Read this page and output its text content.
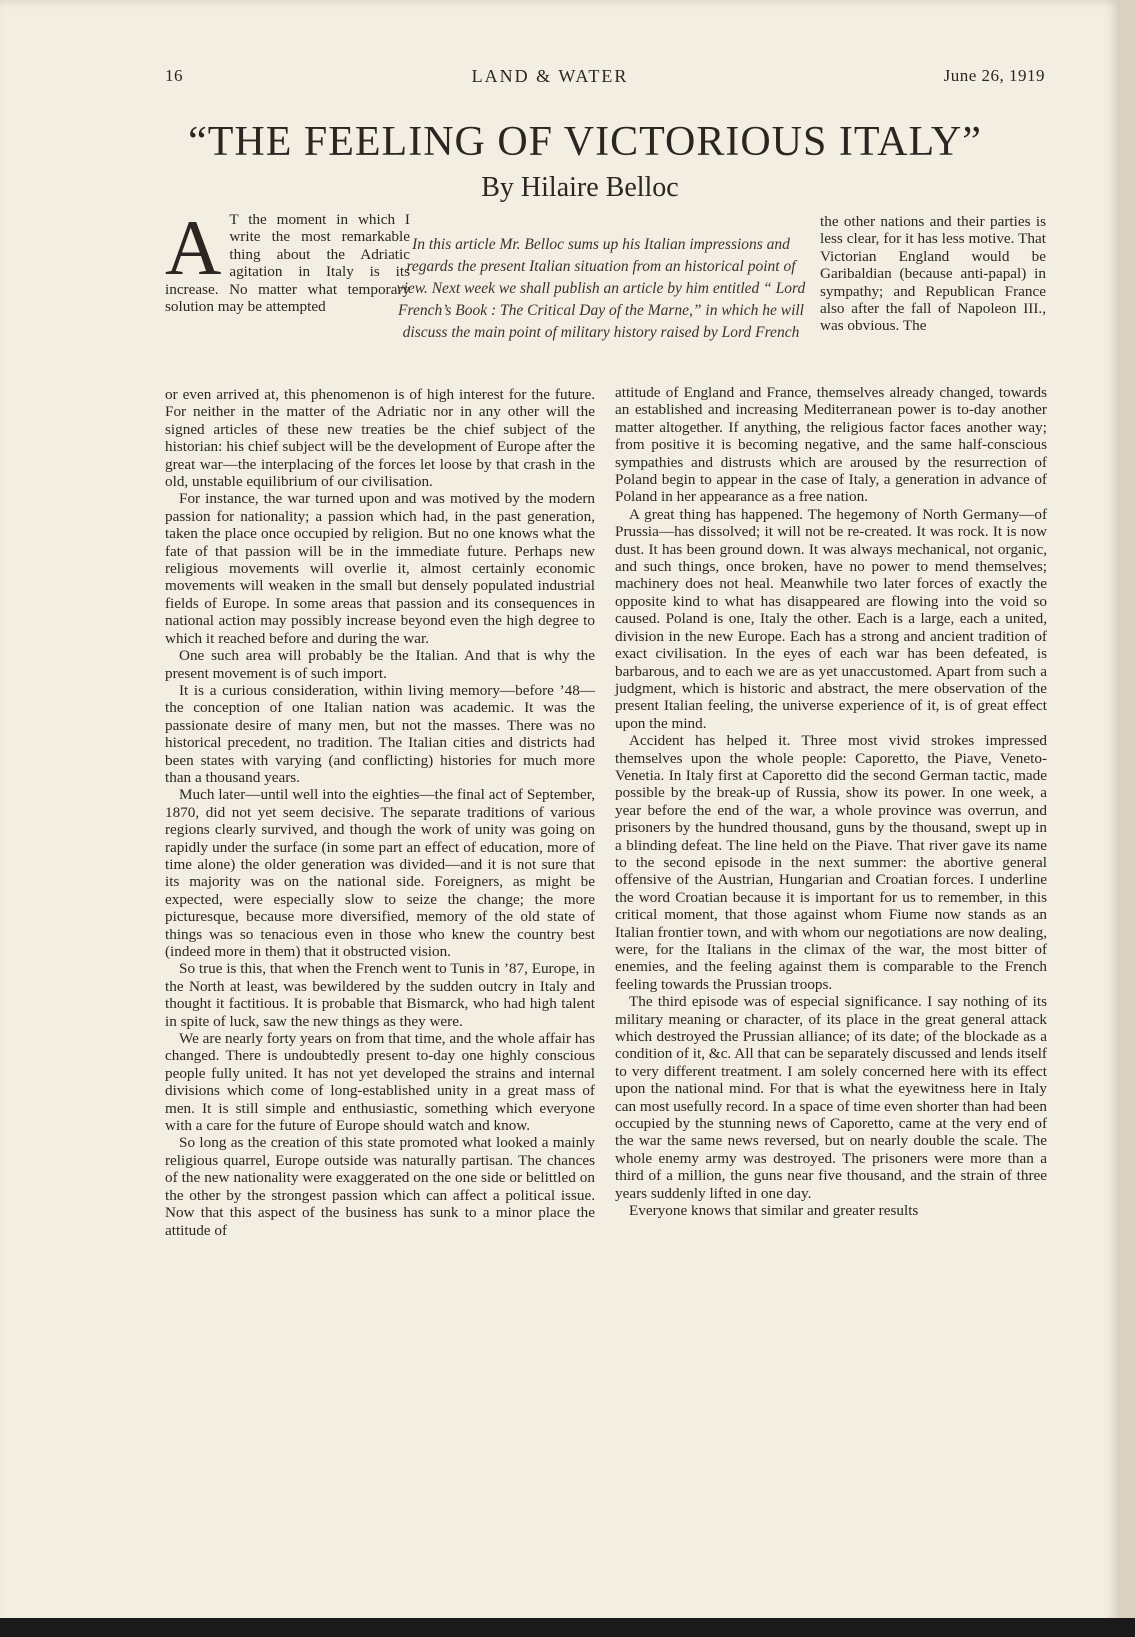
16	LAND & WATER	June 26, 1919
“THE FEELING OF VICTORIOUS ITALY”
By Hilaire Belloc
A T the moment in which I write the most remarkable thing about the Adriatic agitation in Italy is its increase. No matter what temporary solution may be attempted
In this article Mr. Belloc sums up his Italian impressions and regards the present Italian situation from an historical point of view. Next week we shall publish an article by him entitled “ Lord French’s Book : The Critical Day of the Marne,” in which he will discuss the main point of military history raised by Lord French
the other nations and their parties is less clear, for it has less motive. That Victorian England would be Garibaldian (because anti-papal) in sympathy; and Republican France also after the fall of Napoleon III., was obvious. The

or even arrived at, this phenomenon is of high interest for the future. For neither in the matter of the Adriatic nor in any other will the signed articles of these new treaties be the chief subject of the historian: his chief subject will be the development of Europe after the great war—the interplacing of the forces let loose by that crash in the old, unstable equilibrium of our civilisation.

For instance, the war turned upon and was motived by the modern passion for nationality; a passion which had, in the past generation, taken the place once occupied by religion. But no one knows what the fate of that passion will be in the immediate future. Perhaps new religious movements will overlie it, almost certainly economic movements will weaken in the small but densely populated industrial fields of Europe. In some areas that passion and its consequences in national action may possibly increase beyond even the high degree to which it reached before and during the war.

One such area will probably be the Italian. And that is why the present movement is of such import.

It is a curious consideration, within living memory—before ’48—the conception of one Italian nation was academic. It was the passionate desire of many men, but not the masses. There was no historical precedent, no tradition. The Italian cities and districts had been states with varying (and conflicting) histories for much more than a thousand years.

Much later—until well into the eighties—the final act of September, 1870, did not yet seem decisive. The separate traditions of various regions clearly survived, and though the work of unity was going on rapidly under the surface (in some part an effect of education, more of time alone) the older generation was divided—and it is not sure that its majority was on the national side. Foreigners, as might be expected, were especially slow to seize the change; the more picturesque, because more diversified, memory of the old state of things was so tenacious even in those who knew the country best (indeed more in them) that it obstructed vision.

So true is this, that when the French went to Tunis in ’87, Europe, in the North at least, was bewildered by the sudden outcry in Italy and thought it factitious. It is probable that Bismarck, who had high talent in spite of luck, saw the new things as they were.

We are nearly forty years on from that time, and the whole affair has changed. There is undoubtedly present to-day one highly conscious people fully united. It has not yet developed the strains and internal divisions which come of long-established unity in a great mass of men. It is still simple and enthusiastic, something which everyone with a care for the future of Europe should watch and know.

So long as the creation of this state promoted what looked a mainly religious quarrel, Europe outside was naturally partisan. The chances of the new nationality were exaggerated on the one side or belittled on the other by the strongest passion which can affect a political issue. Now that this aspect of the business has sunk to a minor place the attitude of

attitude of England and France, themselves already changed, towards an established and increasing Mediterranean power is to-day another matter altogether. If anything, the religious factor faces another way; from positive it is becoming negative, and the same half-conscious sympathies and distrusts which are aroused by the resurrection of Poland begin to appear in the case of Italy, a generation in advance of Poland in her appearance as a free nation.

A great thing has happened. The hegemony of North Germany—of Prussia—has dissolved; it will not be re-created. It was rock. It is now dust. It has been ground down. It was always mechanical, not organic, and such things, once broken, have no power to mend themselves; machinery does not heal. Meanwhile two later forces of exactly the opposite kind to what has disappeared are flowing into the void so caused. Poland is one, Italy the other. Each is a large, each a united, division in the new Europe. Each has a strong and ancient tradition of exact civilisation. In the eyes of each war has been defeated, is barbarous, and to each we are as yet unaccustomed. Apart from such a judgment, which is historic and abstract, the mere observation of the present Italian feeling, the universe experience of it, is of great effect upon the mind.

Accident has helped it. Three most vivid strokes impressed themselves upon the whole people: Caporetto, the Piave, Veneto-Venetia. In Italy first at Caporetto did the second German tactic, made possible by the break-up of Russia, show its power. In one week, a year before the end of the war, a whole province was overrun, and prisoners by the hundred thousand, guns by the thousand, swept up in a blinding defeat. The line held on the Piave. That river gave its name to the second episode in the next summer: the abortive general offensive of the Austrian, Hungarian and Croatian forces. I underline the word Croatian because it is important for us to remember, in this critical moment, that those against whom Fiume now stands as an Italian frontier town, and with whom our negotiations are now dealing, were, for the Italians in the climax of the war, the most bitter of enemies, and the feeling against them is comparable to the French feeling towards the Prussian troops.

The third episode was of especial significance. I say nothing of its military meaning or character, of its place in the great general attack which destroyed the Prussian alliance; of its date; of the blockade as a condition of it, &c. All that can be separately discussed and lends itself to very different treatment. I am solely concerned here with its effect upon the national mind. For that is what the eyewitness here in Italy can most usefully record. In a space of time even shorter than had been occupied by the stunning news of Caporetto, came at the very end of the war the same news reversed, but on nearly double the scale. The whole enemy army was destroyed. The prisoners were more than a third of a million, the guns near five thousand, and the strain of three years suddenly lifted in one day.

Everyone knows that similar and greater results
